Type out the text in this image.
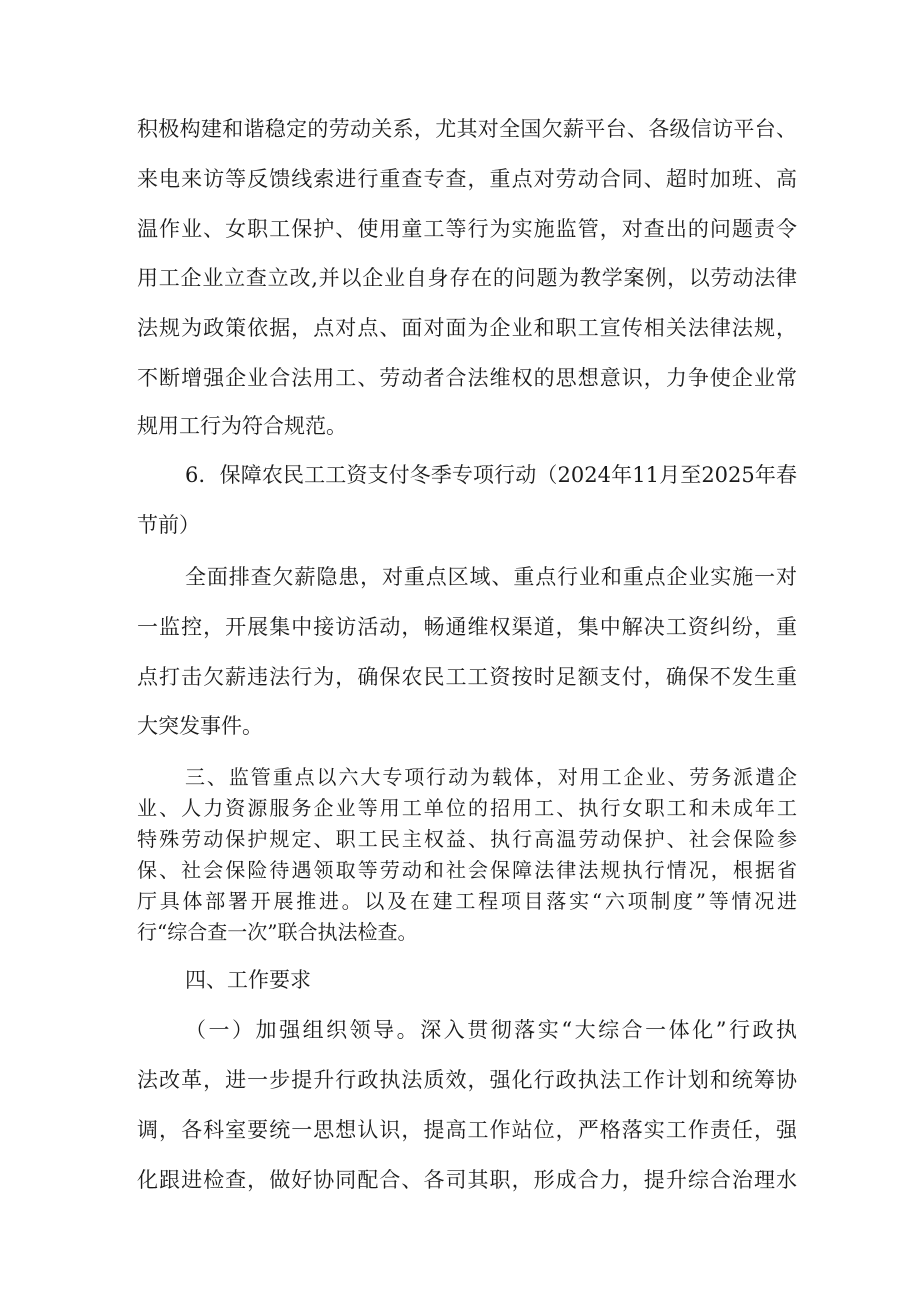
积极构建和谐稳定的劳动关系，尤其对全国欠薪平台、各级信访平台、
来电来访等反馈线索进行重查专查，重点对劳动合同、超时加班、高
温作业、女职工保护、使用童工等行为实施监管，对查出的问题责令
用工企业立查立改,并以企业自身存在的问题为教学案例，以劳动法律
法规为政策依据，点对点、面对面为企业和职工宣传相关法律法规，
不断增强企业合法用工、劳动者合法维权的思想意识，力争使企业常
规用工行为符合规范。
6．保障农民工工资支付冬季专项行动（2024年11月至2025年春
节前）
全面排查欠薪隐患，对重点区域、重点行业和重点企业实施一对
一监控，开展集中接访活动，畅通维权渠道，集中解决工资纠纷，重
点打击欠薪违法行为，确保农民工工资按时足额支付，确保不发生重
大突发事件。
三、监管重点以六大专项行动为载体，对用工企业、劳务派遣企
业、人力资源服务企业等用工单位的招用工、执行女职工和未成年工
特殊劳动保护规定、职工民主权益、执行高温劳动保护、社会保险参
保、社会保险待遇领取等劳动和社会保障法律法规执行情况，根据省
厅具体部署开展推进。以及在建工程项目落实“六项制度”等情况进
行“综合查一次”联合执法检查。
四、工作要求
（一）加强组织领导。深入贯彻落实“大综合一体化”行政执
法改革，进一步提升行政执法质效，强化行政执法工作计划和统筹协
调，各科室要统一思想认识，提高工作站位，严格落实工作责任，强
化跟进检查，做好协同配合、各司其职，形成合力，提升综合治理水
